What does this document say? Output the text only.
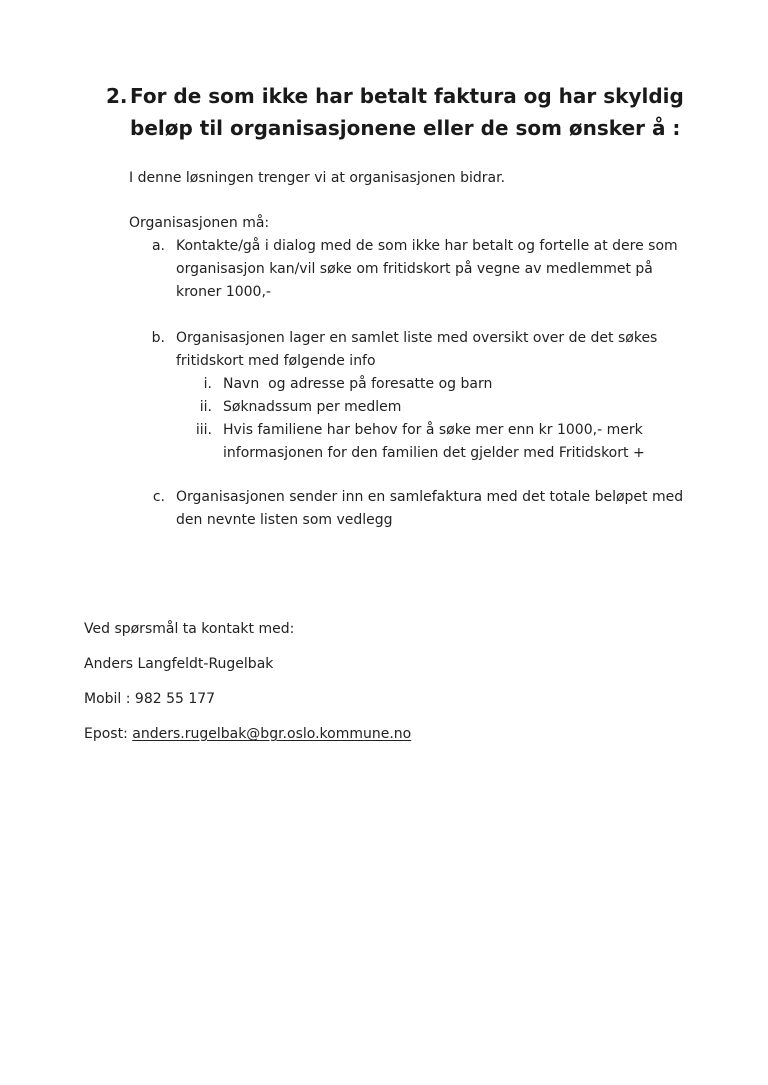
2. For de som ikke har betalt faktura og har skyldig beløp til organisasjonene eller de som ønsker å :
I denne løsningen trenger vi at organisasjonen bidrar.
Organisasjonen må:
a. Kontakte/gå i dialog med de som ikke har betalt og fortelle at dere som organisasjon kan/vil søke om fritidskort på vegne av medlemmet på kroner 1000,-
b. Organisasjonen lager en samlet liste med oversikt over de det søkes fritidskort med følgende info
i. Navn  og adresse på foresatte og barn
ii. Søknadssum per medlem
iii. Hvis familiene har behov for å søke mer enn kr 1000,- merk informasjonen for den familien det gjelder med Fritidskort +
c. Organisasjonen sender inn en samlefaktura med det totale beløpet med den nevnte listen som vedlegg
Ved spørsmål ta kontakt med:
Anders Langfeldt-Rugelbak
Mobil : 982 55 177
Epost: anders.rugelbak@bgr.oslo.kommune.no
